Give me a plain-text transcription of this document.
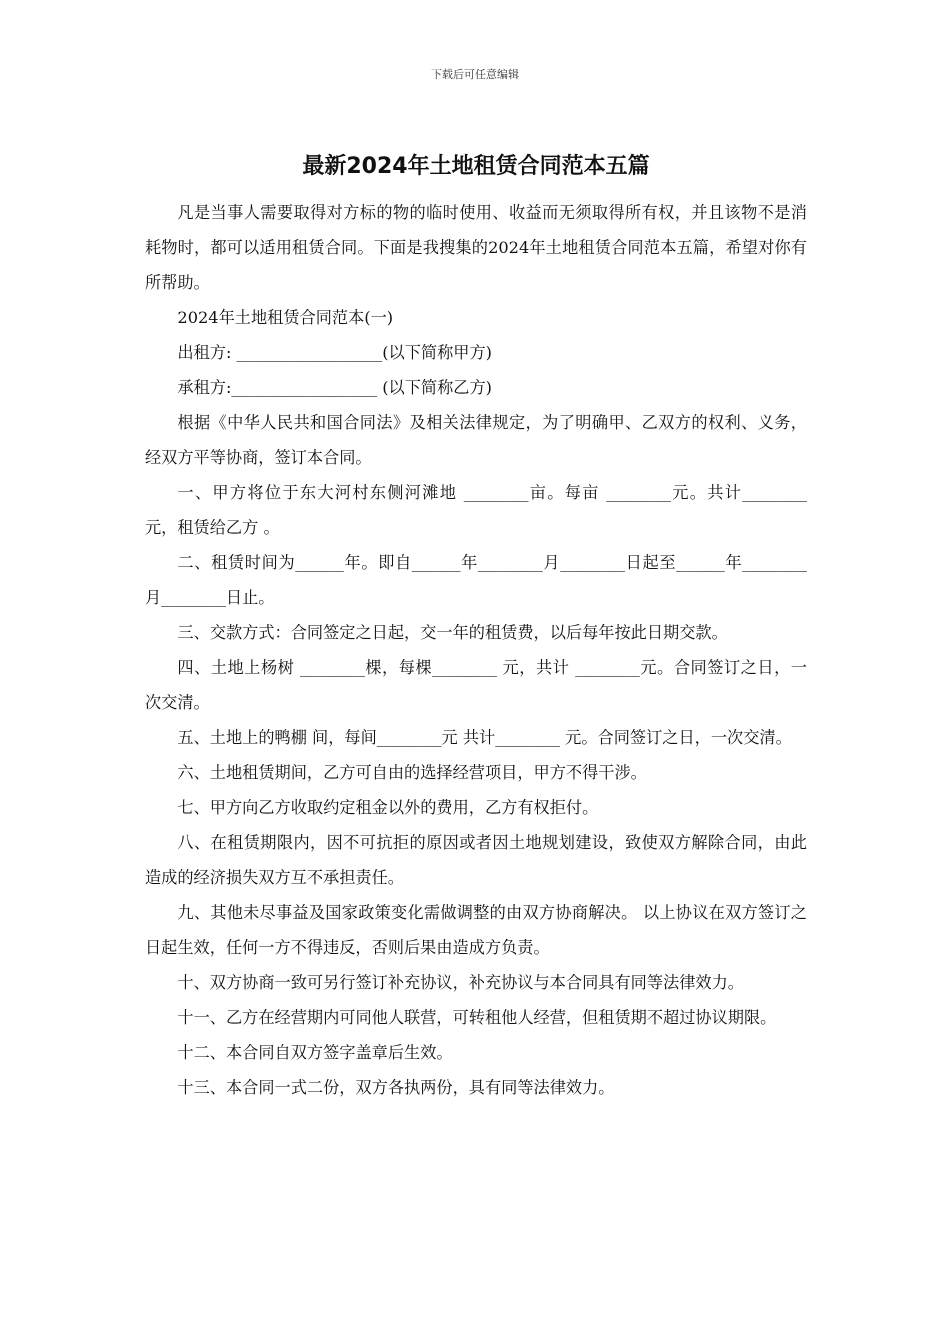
下载后可任意编辑
最新2024年土地租赁合同范本五篇

凡是当事人需要取得对方标的物的临时使用、收益而无须取得所有权，并且该物不是消耗物时，都可以适用租赁合同。下面是我搜集的2024年土地租赁合同范本五篇，希望对你有所帮助。

2024年土地租赁合同范本(一)

出租方: __________________(以下简称甲方)

承租方:__________________ (以下简称乙方)

根据《中华人民共和国合同法》及相关法律规定，为了明确甲、乙双方的权利、义务，经双方平等协商，签订本合同。

一、甲方将位于东大河村东侧河滩地 ________亩。每亩 ________元。共计________ 元，租赁给乙方 。

二、租赁时间为______年。即自______年________月________日起至______年________月________日止。

三、交款方式：合同签定之日起，交一年的租赁费，以后每年按此日期交款。

四、土地上杨树 ________棵，每棵________ 元，共计 ________元。合同签订之日，一次交清。

五、土地上的鸭棚 间，每间________元 共计________ 元。合同签订之日，一次交清。

六、土地租赁期间，乙方可自由的选择经营项目，甲方不得干涉。

七、甲方向乙方收取约定租金以外的费用，乙方有权拒付。

八、在租赁期限内，因不可抗拒的原因或者因土地规划建设，致使双方解除合同，由此造成的经济损失双方互不承担责任。

九、其他未尽事益及国家政策变化需做调整的由双方协商解决。 以上协议在双方签订之日起生效，任何一方不得违反，否则后果由造成方负责。

十、双方协商一致可另行签订补充协议，补充协议与本合同具有同等法律效力。

十一、乙方在经营期内可同他人联营，可转租他人经营，但租赁期不超过协议期限。

十二、本合同自双方签字盖章后生效。

十三、本合同一式二份，双方各执两份，具有同等法律效力。
